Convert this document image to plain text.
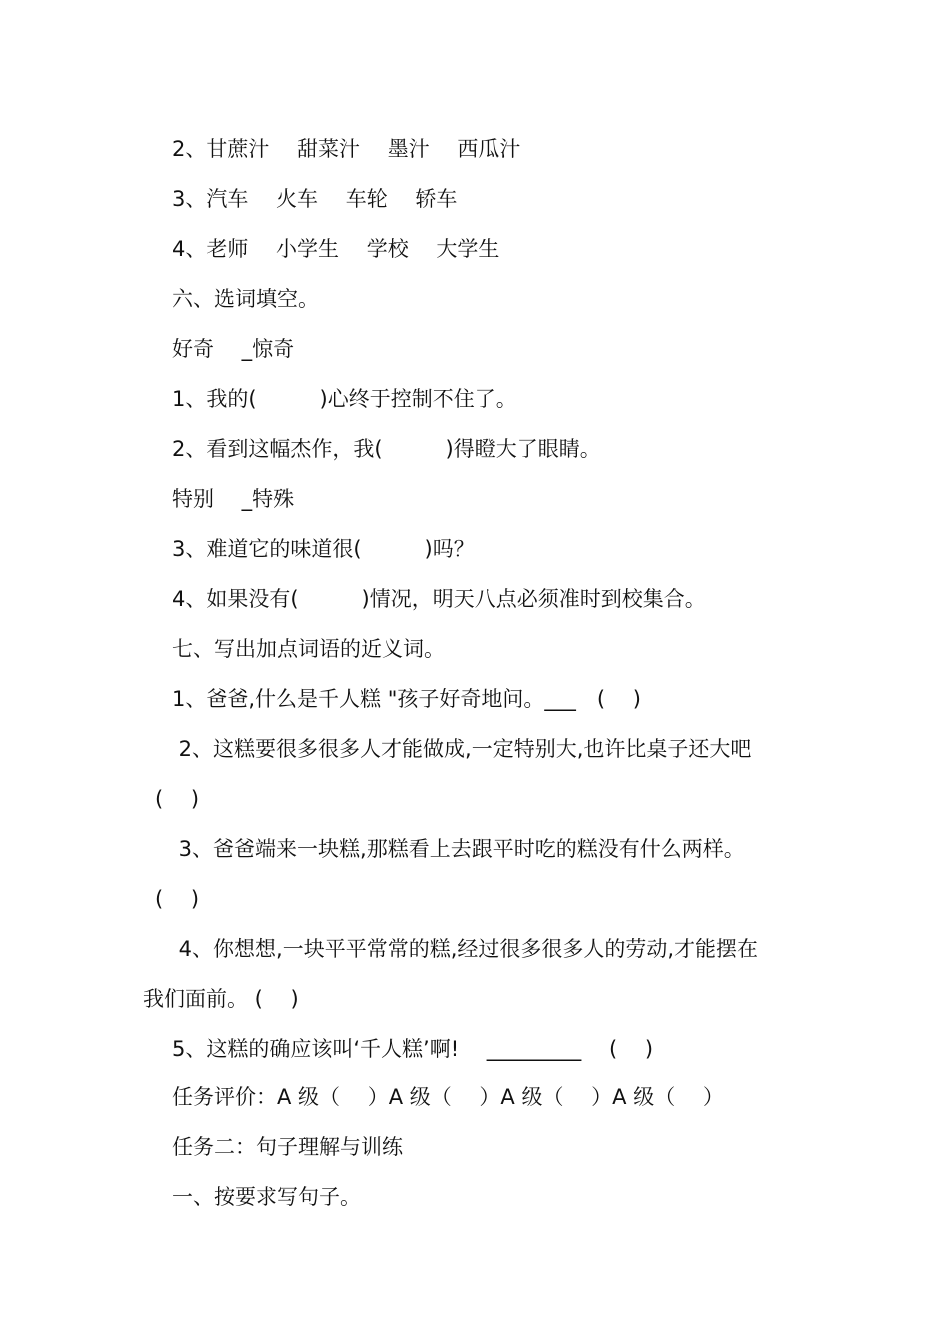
2、甘蔗汁　 甜菜汁　 墨汁　 西瓜汁
3、汽车　 火车　 车轮　 轿车
4、老师　 小学生　 学校　 大学生
六、选词填空。
好奇　 _惊奇
1、我的(　　　)心终于控制不住了。
2、看到这幅杰作，我(　　　)得瞪大了眼睛。
特别　 _特殊
3、难道它的味道很(　　　)吗？
4、如果没有(　　　)情况，明天八点必须准时到校集合。
七、写出加点词语的近义词。
1、爸爸,什么是千人糕 "孩子好奇地问。___　(　 )
2、这糕要很多很多人才能做成,一定特别大,也许比桌子还大吧
(　 )
3、爸爸端来一块糕,那糕看上去跟平时吃的糕没有什么两样。
(　 )
4、你想想,一块平平常常的糕,经过很多很多人的劳动,才能摆在
我们面前。 (　 )
5、这糕的确应该叫‘千人糕’啊!　 _________　 (　 )
任务评价：A 级（　 ）A 级（　 ）A 级（　 ）A 级（　 ）
任务二：句子理解与训练
一、按要求写句子。
